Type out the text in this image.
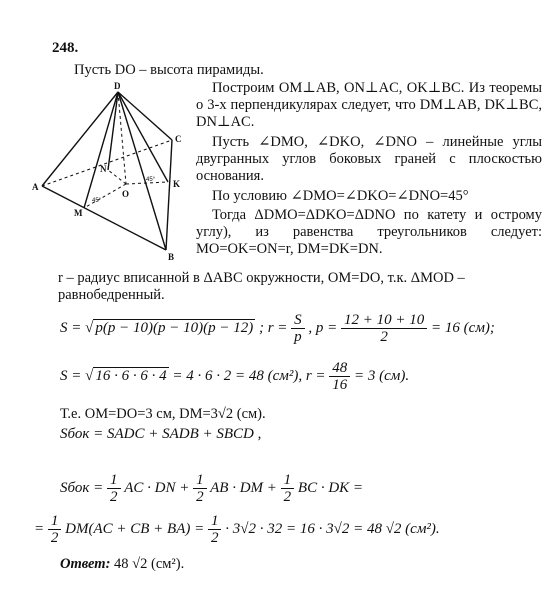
248.
Пусть DO – высота пирамиды.
D
A
C
B
M
N
K
O
45°
45°
Построим OM⊥AB, ON⊥AC, OK⊥BC. Из теоремы о 3-х перпендикулярах следует, что DM⊥AB, DK⊥BC, DN⊥AC.
Пусть ∠DMO, ∠DKO, ∠DNO – линейные углы двугранных углов боковых граней с плоскостью основания.
По условию ∠DMO=∠DKO=∠DNO=45°
Тогда ΔDMO=ΔDKO=ΔDNO по катету и острому углу), из равенства треугольников следует: MO=OK=ON=r, DM=DK=DN.
r – радиус вписанной в ΔABC окружности, OM=DO, т.к. ΔMOD –
равнобедренный.
S = √ p(p − 10)(p − 10)(p − 12) ; $r = \frac{S}{p}$ , $p = \frac{12 + 10 + 10}{2} = 16$ (см);
S = √ 16 · 6 · 6 · 4 = 4 · 6 · 2 = 48 (см²), $r = \frac{48}{16} = 3$ (см).
Т.е. OM=DO=3 см, DM=3√2 (см).
Sбок = SADC + SADB + SBCD ,
Sбок = $\frac{1}{2}$ AC · DN + $\frac{1}{2}$ AB · DM + $\frac{1}{2}$ BC · DK =
= $\frac{1}{2} DM(AC$ + CB + $BA) = \frac{1}{2} \cdot 3√2 \cdot 32 = 16 \cdot 3√2 = 48$ √2 (см²).
Ответ: 48 √2 (см²).
